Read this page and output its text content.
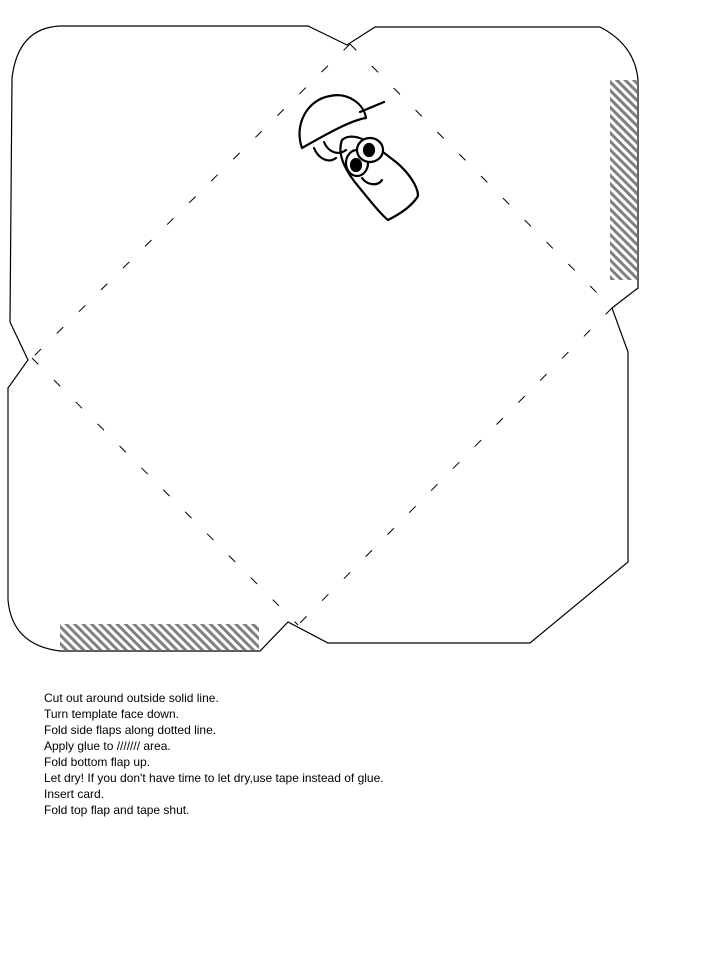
Cut out around outside solid line.
Turn template face down.
Fold side flaps along dotted line.
Apply glue to /////// area.
Fold bottom flap up.
Let dry! If you don't have time to let dry,use tape instead of glue.
Insert card.
Fold top flap and tape shut.
